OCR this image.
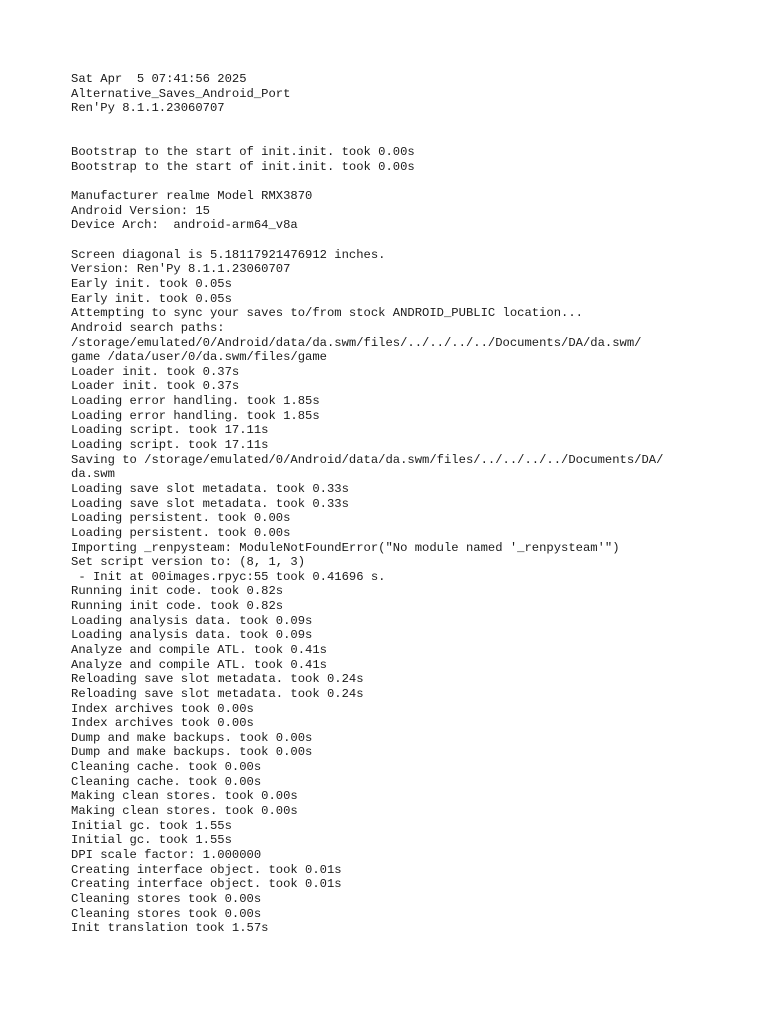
Sat Apr  5 07:41:56 2025
Alternative_Saves_Android_Port
Ren'Py 8.1.1.23060707
Bootstrap to the start of init.init. took 0.00s
Bootstrap to the start of init.init. took 0.00s
Manufacturer realme Model RMX3870
Android Version: 15
Device Arch:  android-arm64_v8a
Screen diagonal is 5.18117921476912 inches.
Version: Ren'Py 8.1.1.23060707
Early init. took 0.05s
Early init. took 0.05s
Attempting to sync your saves to/from stock ANDROID_PUBLIC location...
Android search paths:
/storage/emulated/0/Android/data/da.swm/files/../../../../Documents/DA/da.swm/
game /data/user/0/da.swm/files/game
Loader init. took 0.37s
Loader init. took 0.37s
Loading error handling. took 1.85s
Loading error handling. took 1.85s
Loading script. took 17.11s
Loading script. took 17.11s
Saving to /storage/emulated/0/Android/data/da.swm/files/../../../../Documents/DA/
da.swm
Loading save slot metadata. took 0.33s
Loading save slot metadata. took 0.33s
Loading persistent. took 0.00s
Loading persistent. took 0.00s
Importing _renpysteam: ModuleNotFoundError("No module named '_renpysteam'")
Set script version to: (8, 1, 3)
- Init at 00images.rpyc:55 took 0.41696 s.
Running init code. took 0.82s
Running init code. took 0.82s
Loading analysis data. took 0.09s
Loading analysis data. took 0.09s
Analyze and compile ATL. took 0.41s
Analyze and compile ATL. took 0.41s
Reloading save slot metadata. took 0.24s
Reloading save slot metadata. took 0.24s
Index archives took 0.00s
Index archives took 0.00s
Dump and make backups. took 0.00s
Dump and make backups. took 0.00s
Cleaning cache. took 0.00s
Cleaning cache. took 0.00s
Making clean stores. took 0.00s
Making clean stores. took 0.00s
Initial gc. took 1.55s
Initial gc. took 1.55s
DPI scale factor: 1.000000
Creating interface object. took 0.01s
Creating interface object. took 0.01s
Cleaning stores took 0.00s
Cleaning stores took 0.00s
Init translation took 1.57s
